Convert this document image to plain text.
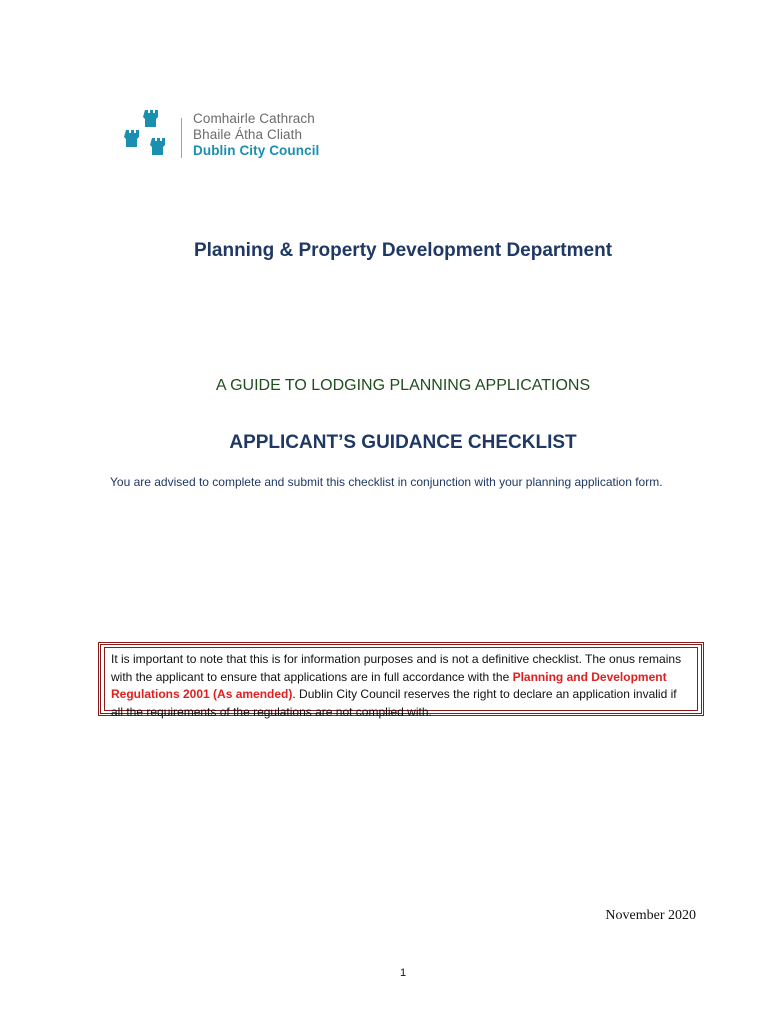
Comhairle Cathrach
Bhaile Átha Cliath
Dublin City Council
Planning & Property Development Department
A GUIDE TO LODGING PLANNING APPLICATIONS
APPLICANT’S GUIDANCE CHECKLIST
You are advised to complete and submit this checklist in conjunction with your planning application form.
It is important to note that this is for information purposes and is not a definitive checklist. The onus remains with the applicant to ensure that applications are in full accordance with the Planning and Development Regulations 2001 (As amended). Dublin City Council reserves the right to declare an application invalid if all the requirements of the regulations are not complied with.
November 2020
1
